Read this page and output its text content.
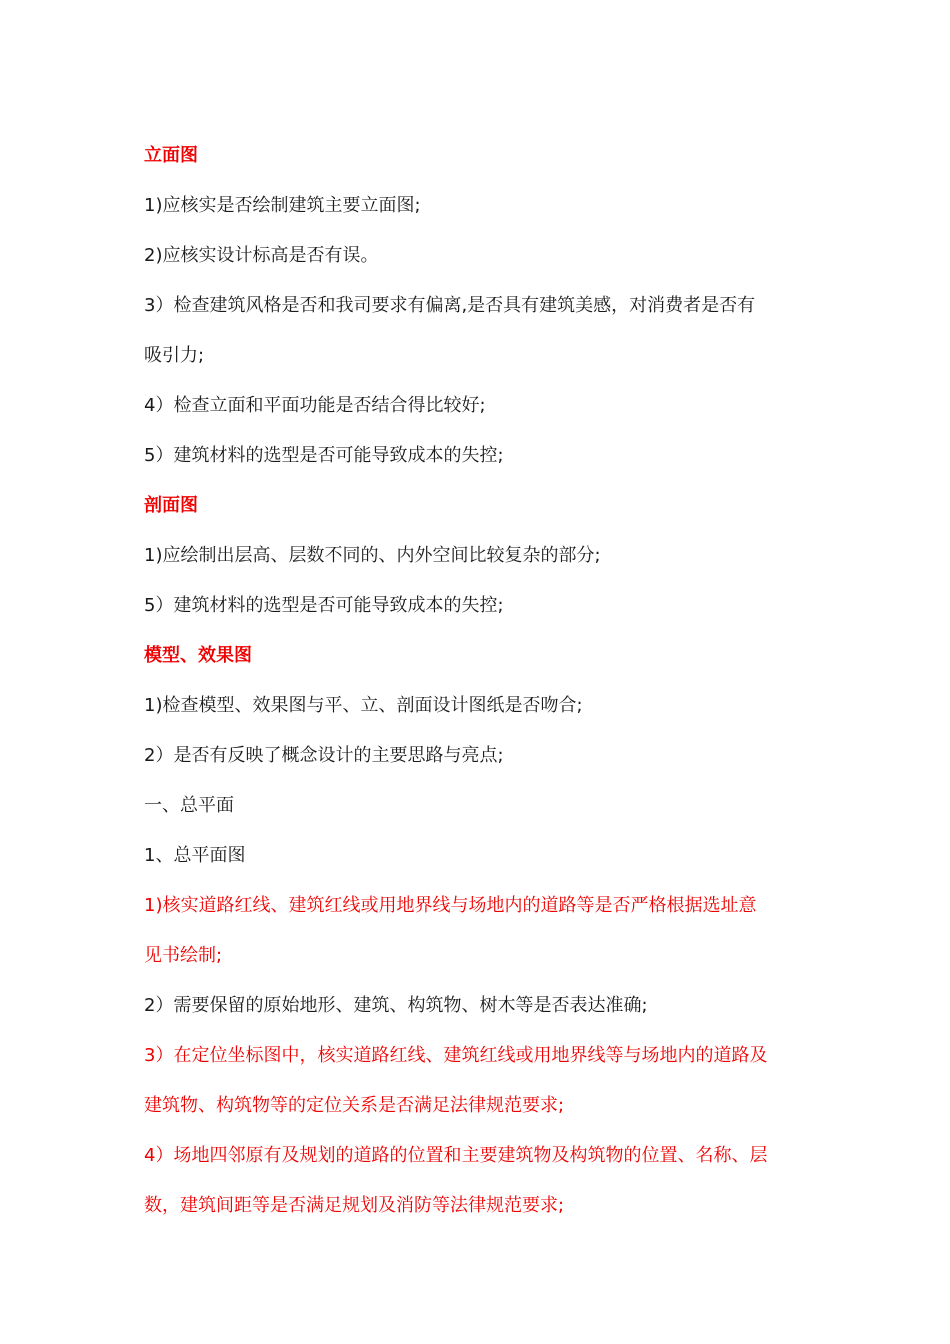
立面图
1)应核实是否绘制建筑主要立面图;
2)应核实设计标高是否有误。
3）检查建筑风格是否和我司要求有偏离,是否具有建筑美感，对消费者是否有
吸引力;
4）检查立面和平面功能是否结合得比较好;
5）建筑材料的选型是否可能导致成本的失控;
剖面图
1)应绘制出层高、层数不同的、内外空间比较复杂的部分;
5）建筑材料的选型是否可能导致成本的失控;
模型、效果图
1)检查模型、效果图与平、立、剖面设计图纸是否吻合;
2）是否有反映了概念设计的主要思路与亮点;
一、总平面
1、总平面图
1)核实道路红线、建筑红线或用地界线与场地内的道路等是否严格根据选址意
见书绘制;
2）需要保留的原始地形、建筑、构筑物、树木等是否表达准确;
3）在定位坐标图中，核实道路红线、建筑红线或用地界线等与场地内的道路及
建筑物、构筑物等的定位关系是否满足法律规范要求;
4）场地四邻原有及规划的道路的位置和主要建筑物及构筑物的位置、名称、层
数，建筑间距等是否满足规划及消防等法律规范要求;
